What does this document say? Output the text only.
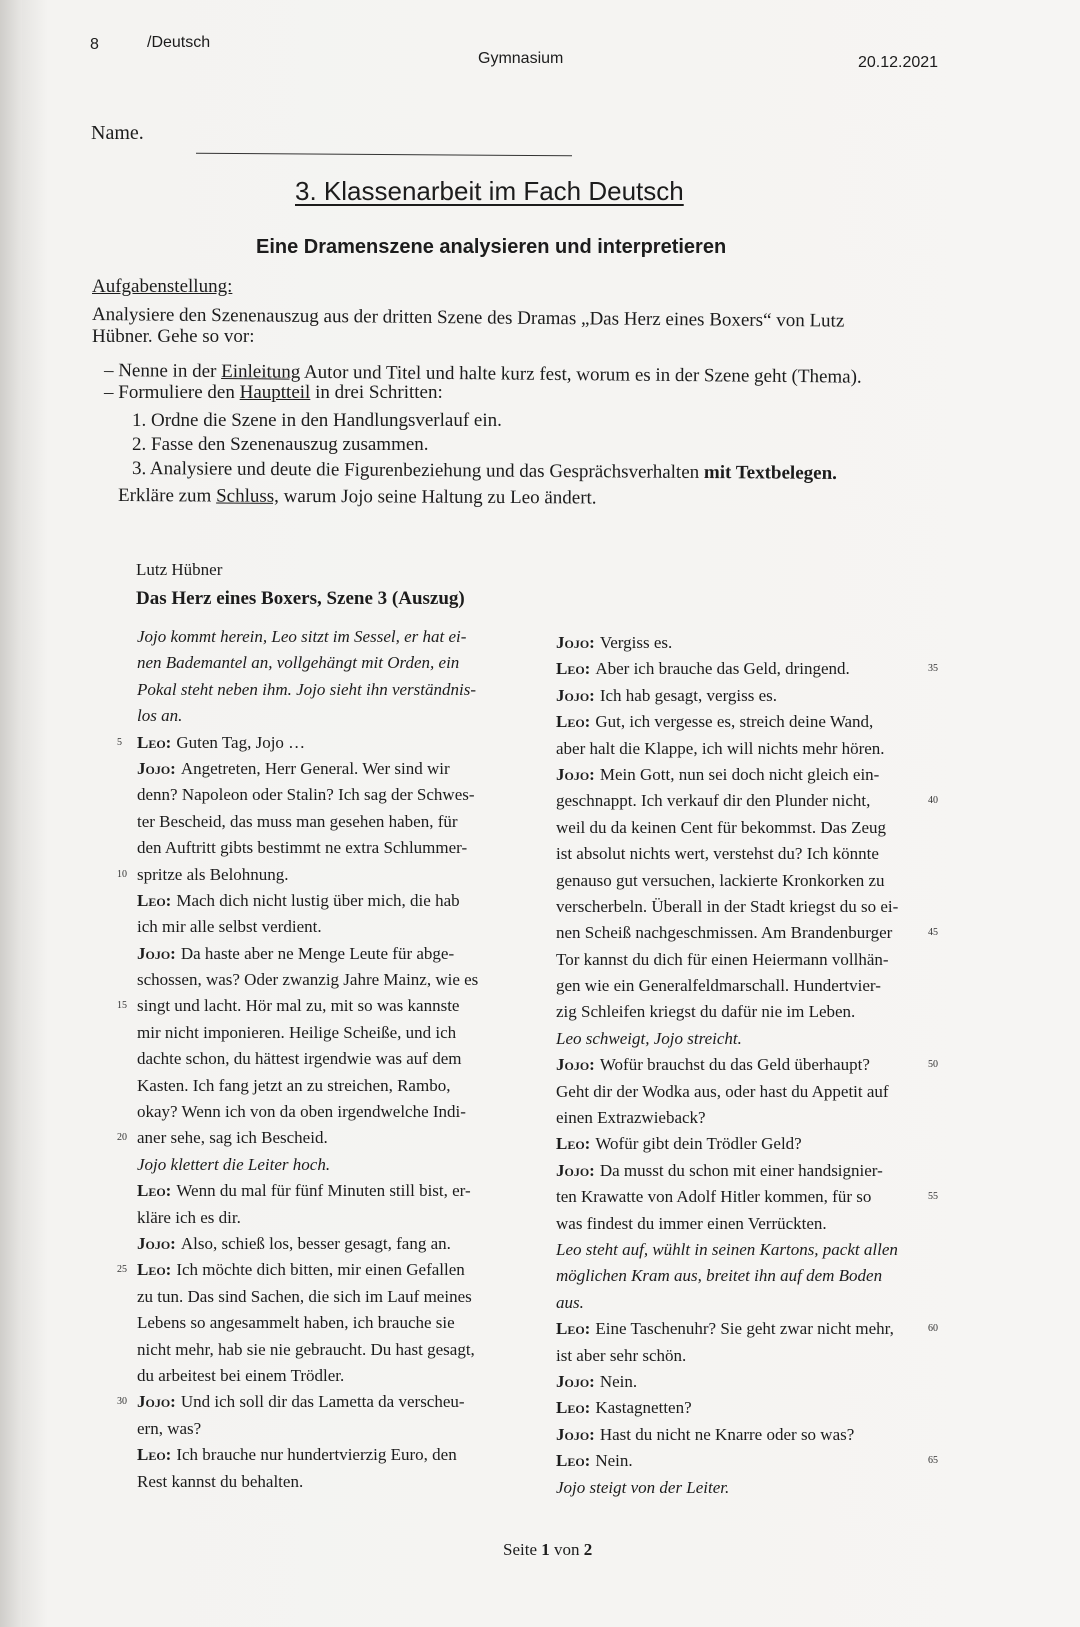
8	/Deutsch
Gymnasium	20.12.2021
Name.
3. Klassenarbeit im Fach Deutsch
Eine Dramenszene analysieren und interpretieren
Aufgabenstellung:
Analysiere den Szenenauszug aus der dritten Szene des Dramas „Das Herz eines Boxers“ von Lutz
Hübner. Gehe so vor:
– Nenne in der Einleitung Autor und Titel und halte kurz fest, worum es in der Szene geht (Thema).
– Formuliere den Hauptteil in drei Schritten:
1. Ordne die Szene in den Handlungsverlauf ein.
2. Fasse den Szenenauszug zusammen.
3. Analysiere und deute die Figurenbeziehung und das Gesprächsverhalten mit Textbelegen.
Erkläre zum Schluss, warum Jojo seine Haltung zu Leo ändert.
Lutz Hübner
Das Herz eines Boxers, Szene 3 (Auszug)
Jojo kommt herein, Leo sitzt im Sessel, er hat ei-
nen Bademantel an, vollgehängt mit Orden, ein
Pokal steht neben ihm. Jojo sieht ihn verständnis-
los an.
5 Leo: Guten Tag, Jojo …
Jojo: Angetreten, Herr General. Wer sind wir
denn? Napoleon oder Stalin? Ich sag der Schwes-
ter Bescheid, das muss man gesehen haben, für
den Auftritt gibts bestimmt ne extra Schlummer-
10 spritze als Belohnung.
Leo: Mach dich nicht lustig über mich, die hab
ich mir alle selbst verdient.
Jojo: Da haste aber ne Menge Leute für abge-
schossen, was? Oder zwanzig Jahre Mainz, wie es
15 singt und lacht. Hör mal zu, mit so was kannste
mir nicht imponieren. Heilige Scheiße, und ich
dachte schon, du hättest irgendwie was auf dem
Kasten. Ich fang jetzt an zu streichen, Rambo,
okay? Wenn ich von da oben irgendwelche Indi-
20 aner sehe, sag ich Bescheid.
Jojo klettert die Leiter hoch.
Leo: Wenn du mal für fünf Minuten still bist, er-
kläre ich es dir.
Jojo: Also, schieß los, besser gesagt, fang an.
25 Leo: Ich möchte dich bitten, mir einen Gefallen
zu tun. Das sind Sachen, die sich im Lauf meines
Lebens so angesammelt haben, ich brauche sie
nicht mehr, hab sie nie gebraucht. Du hast gesagt,
du arbeitest bei einem Trödler.
30 Jojo: Und ich soll dir das Lametta da verscheu-
ern, was?
Leo: Ich brauche nur hundertvierzig Euro, den
Rest kannst du behalten.
Jojo: Vergiss es.
35
Leo: Aber ich brauche das Geld, dringend.
Jojo: Ich hab gesagt, vergiss es.
Leo: Gut, ich vergesse es, streich deine Wand,
aber halt die Klappe, ich will nichts mehr hören.
Jojo: Mein Gott, nun sei doch nicht gleich ein-
40
geschnappt. Ich verkauf dir den Plunder nicht,
weil du da keinen Cent für bekommst. Das Zeug
ist absolut nichts wert, verstehst du? Ich könnte
genauso gut versuchen, lackierte Kronkorken zu
verscherbeln. Überall in der Stadt kriegst du so ei-
45
nen Scheiß nachgeschmissen. Am Brandenburger
Tor kannst du dich für einen Heiermann vollhän-
gen wie ein Generalfeldmarschall. Hundertvier-
zig Schleifen kriegst du dafür nie im Leben.
Leo schweigt, Jojo streicht.
50
Jojo: Wofür brauchst du das Geld überhaupt?
Geht dir der Wodka aus, oder hast du Appetit auf
einen Extrazwieback?
Leo: Wofür gibt dein Trödler Geld?
Jojo: Da musst du schon mit einer handsignier-
55
ten Krawatte von Adolf Hitler kommen, für so
was findest du immer einen Verrückten.
Leo steht auf, wühlt in seinen Kartons, packt allen
möglichen Kram aus, breitet ihn auf dem Boden
aus.
60
Leo: Eine Taschenuhr? Sie geht zwar nicht mehr,
ist aber sehr schön.
Jojo: Nein.
Leo: Kastagnetten?
Jojo: Hast du nicht ne Knarre oder so was?
65
Leo: Nein.
Jojo steigt von der Leiter.
Seite 1 von 2
